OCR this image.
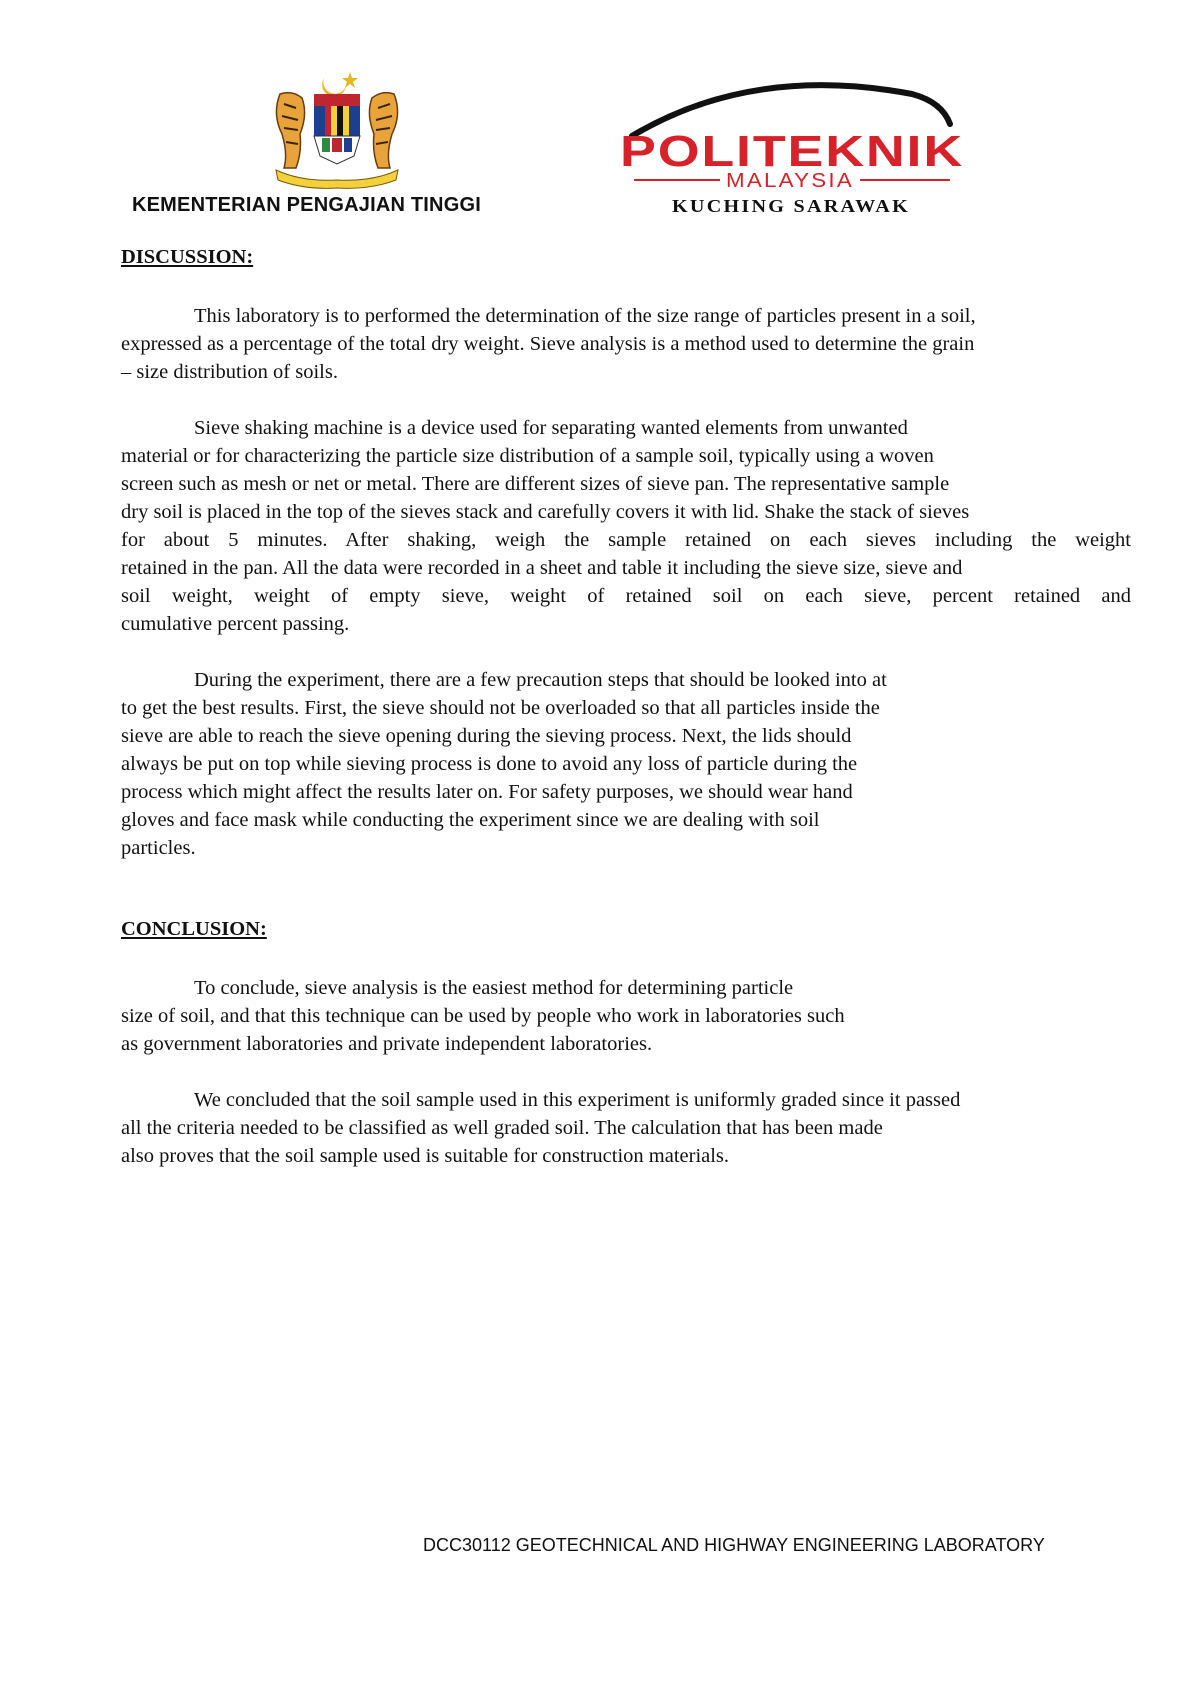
KEMENTERIAN PENGAJIAN TINGGI

POLITEKNIK
MALAYSIA
KUCHING SARAWAK

DISCUSSION:

This laboratory is to performed the determination of the size range of particles present in a soil,
expressed as a percentage of the total dry weight. Sieve analysis is a method used to determine the grain
– size distribution of soils.
Sieve shaking machine is a device used for separating wanted elements from unwanted
material or for characterizing the particle size distribution of a sample soil, typically using a woven
screen such as mesh or net or metal. There are different sizes of sieve pan. The representative sample
dry soil is placed in the top of the sieves stack and carefully covers it with lid. Shake the stack of sieves
for about 5 minutes. After shaking, weigh the sample retained on each sieves including the weight
retained in the pan. All the data were recorded in a sheet and table it including the sieve size, sieve and
soil weight, weight of empty sieve, weight of retained soil on each sieve, percent retained and
cumulative percent passing.
During the experiment, there are a few precaution steps that should be looked into at
to get the best results. First, the sieve should not be overloaded so that all particles inside the
sieve are able to reach the sieve opening during the sieving process. Next, the lids should
always be put on top while sieving process is done to avoid any loss of particle during the
process which might affect the results later on. For safety purposes, we should wear hand
gloves and face mask while conducting the experiment since we are dealing with soil
particles.

CONCLUSION:

To conclude, sieve analysis is the easiest method for determining particle
size of soil, and that this technique can be used by people who work in laboratories such
as government laboratories and private independent laboratories.
We concluded that the soil sample used in this experiment is uniformly graded since it passed
all the criteria needed to be classified as well graded soil. The calculation that has been made
also proves that the soil sample used is suitable for construction materials.

DCC30112 GEOTECHNICAL AND HIGHWAY ENGINEERING LABORATORY
